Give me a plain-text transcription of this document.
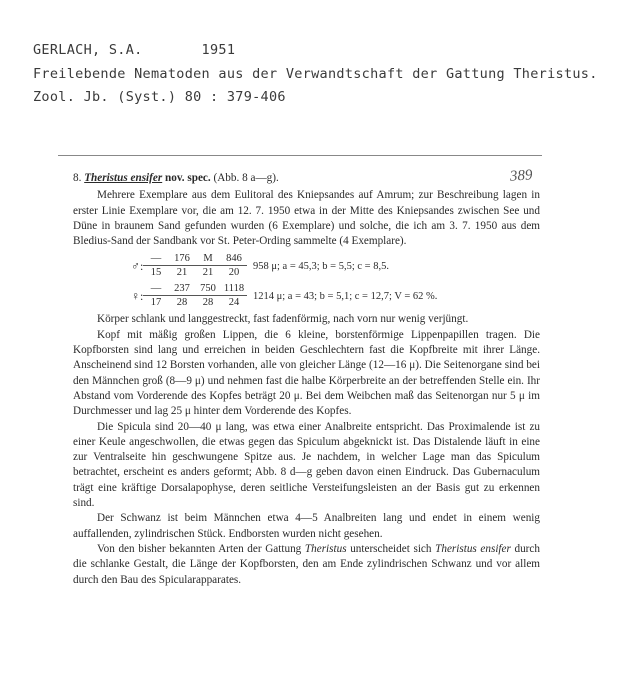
GERLACH, S.A.       1951
Freilebende Nematoden aus der Verwandtschaft der Gattung Theristus.
Zool. Jb. (Syst.) 80 : 379-406
389
8. Theristus ensifer nov. spec. (Abb. 8 a—g).

Mehrere Exemplare aus dem Eulitoral des Kniepsandes auf Amrum; zur Beschreibung lagen in erster Linie Exemplare vor, die am 12. 7. 1950 etwa in der Mitte des Kniepsandes zwischen See und Düne in braunem Sand gefunden wurden (6 Exemplare) und solche, die ich am 3. 7. 1950 aus dem Bledius-Sand der Sandbank vor St. Peter-Ording sammelte (4 Exemplare).

♂: —	176	M	846
15	21	21	20
958 μ; a = 45,3; b = 5,5; c = 8,5.
♀: —	237 750 1118
17	28	28	24
1214 μ; a = 43; b = 5,1; c = 12,7; V = 62 %.

Körper schlank und langgestreckt, fast fadenförmig, nach vorn nur wenig verjüngt.

Kopf mit mäßig großen Lippen, die 6 kleine, borstenförmige Lippenpapillen tragen. Die Kopfborsten sind lang und erreichen in beiden Geschlechtern fast die Kopfbreite mit ihrer Länge. Anscheinend sind 12 Borsten vorhanden, alle von gleicher Länge (12—16 μ). Die Seitenorgane sind bei den Männchen groß (8—9 μ) und nehmen fast die halbe Körperbreite an der betreffenden Stelle ein. Ihr Abstand vom Vorderende des Kopfes beträgt 20 μ. Bei dem Weibchen maß das Seitenorgan nur 5 μ im Durchmesser und lag 25 μ hinter dem Vorderende des Kopfes.

Die Spicula sind 20—40 μ lang, was etwa einer Analbreite entspricht. Das Proximalende ist zu einer Keule angeschwollen, die etwas gegen das Spiculum abgeknickt ist. Das Distalende läuft in eine zur Ventralseite hin geschwungene Spitze aus. Je nachdem, in welcher Lage man das Spiculum betrachtet, erscheint es anders geformt; Abb. 8 d—g geben davon einen Eindruck. Das Gubernaculum trägt eine kräftige Dorsalapophyse, deren seitliche Versteifungsleisten an der Basis gut zu erkennen sind.

Der Schwanz ist beim Männchen etwa 4—5 Analbreiten lang und endet in einem wenig auffallenden, zylindrischen Stück. Endborsten wurden nicht gesehen.

Von den bisher bekannten Arten der Gattung Theristus unterscheidet sich Theristus ensifer durch die schlanke Gestalt, die Länge der Kopfborsten, den am Ende zylindrischen Schwanz und vor allem durch den Bau des Spicularapparates.
